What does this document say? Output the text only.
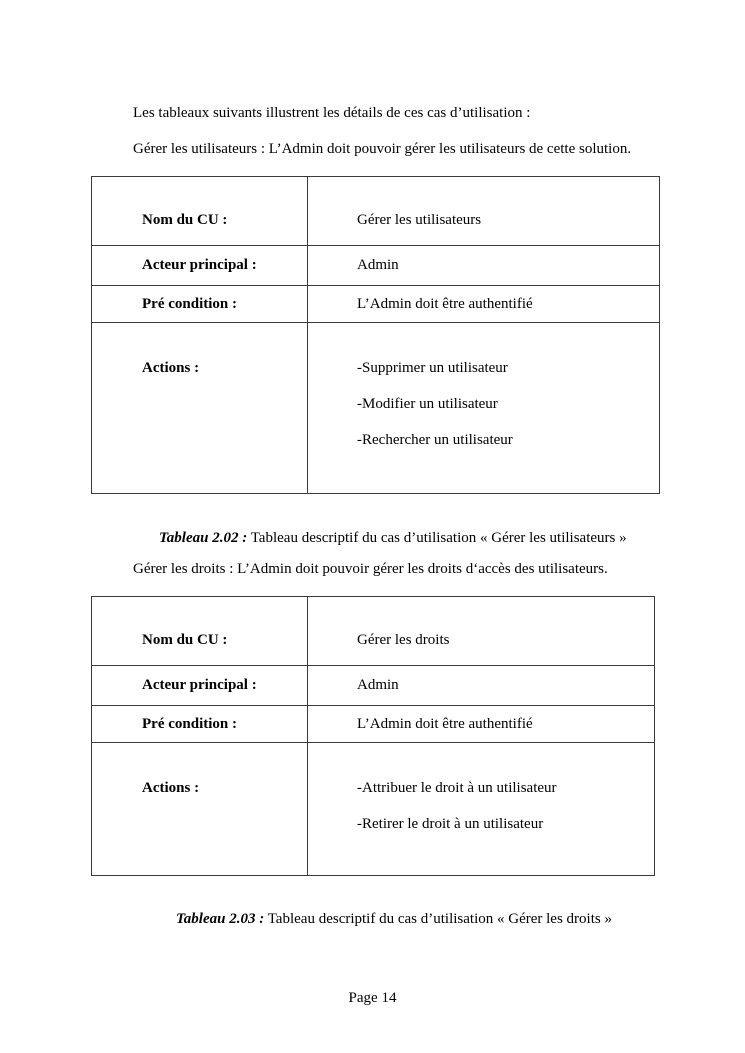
Les tableaux suivants illustrent les détails de ces cas d’utilisation :

Gérer les utilisateurs : L’Admin doit pouvoir gérer les utilisateurs de cette solution.

Nom du CU :	Gérer les utilisateurs
Acteur principal :	Admin
Pré condition :	L’Admin doit être authentifié
Actions :	-Supprimer un utilisateur
-Modifier un utilisateur
-Rechercher un utilisateur

Tableau 2.02 : Tableau descriptif du cas d’utilisation « Gérer les utilisateurs »

Gérer les droits : L’Admin doit pouvoir gérer les droits d‘accès des utilisateurs.

Nom du CU :	Gérer les droits
Acteur principal :	Admin
Pré condition :	L’Admin doit être authentifié
Actions :	-Attribuer le droit à un utilisateur
-Retirer le droit à un utilisateur

Tableau 2.03 : Tableau descriptif du cas d’utilisation « Gérer les droits »

Page 14
